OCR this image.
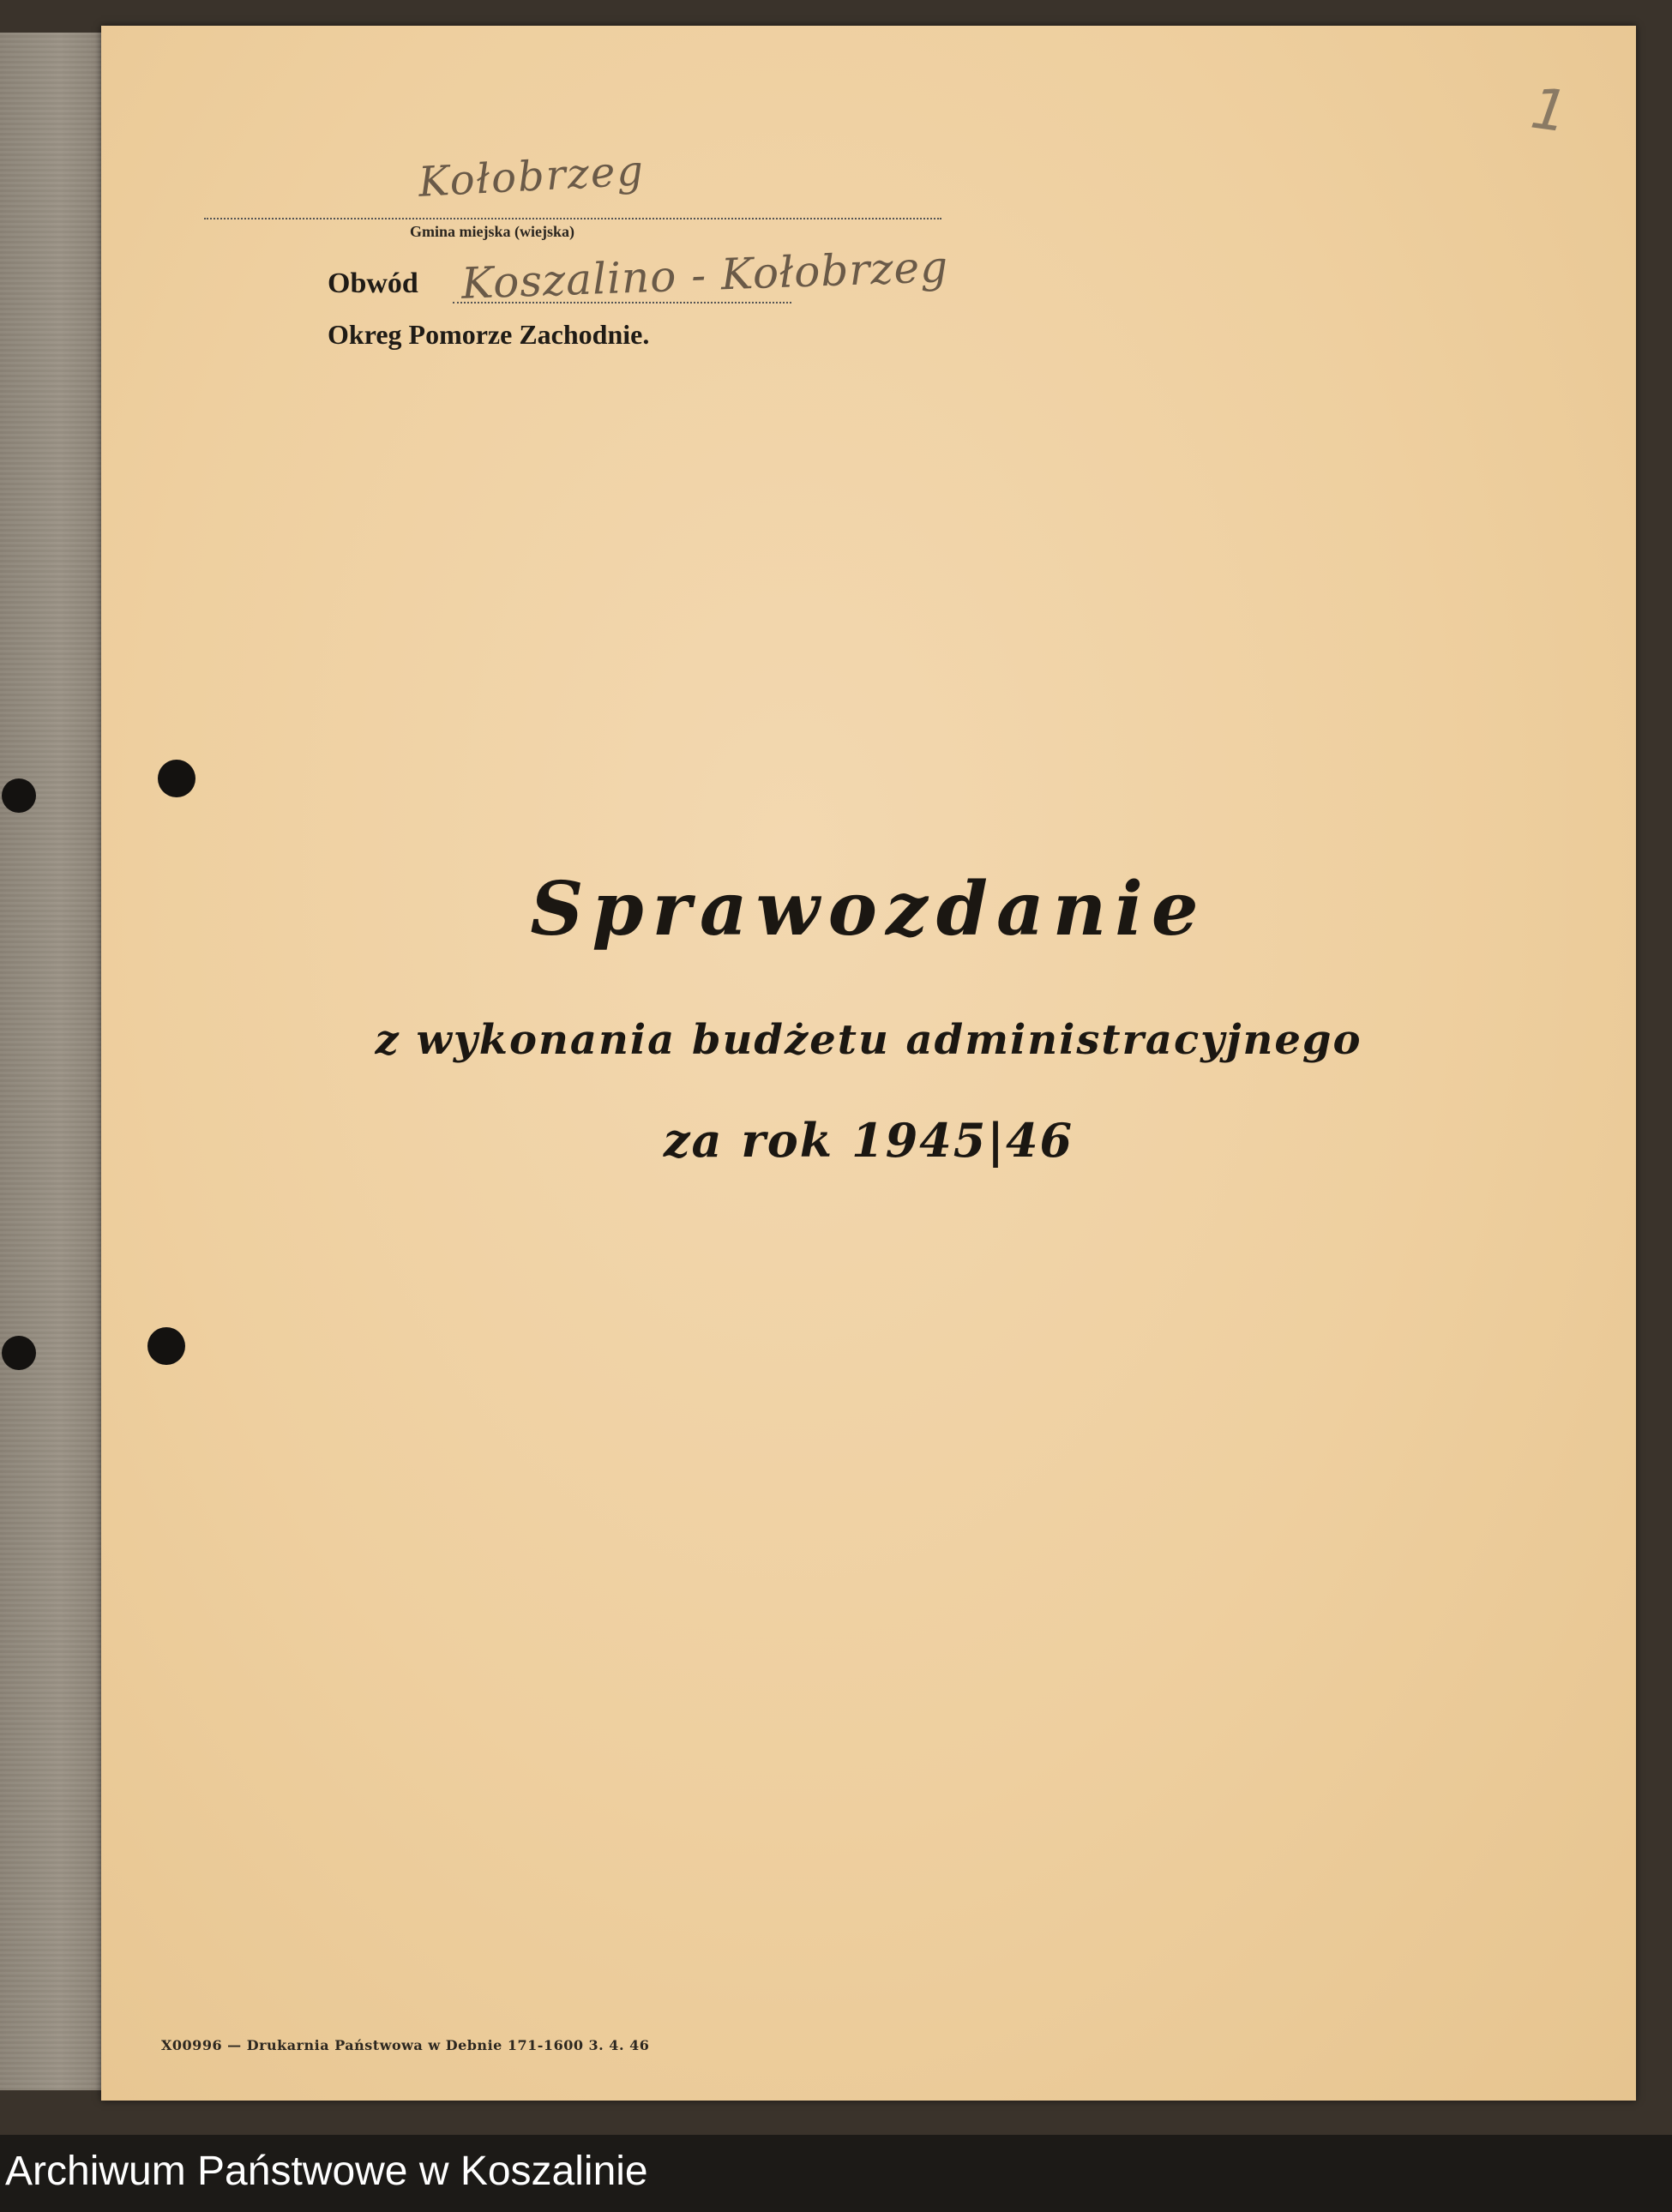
1
Kołobrzeg
Gmina miejska (wiejska)
Obwód Koszalino - Kołobrzeg
Okreg Pomorze Zachodnie.
Sprawozdanie
z wykonania budżetu administracyjnego
za rok 1945|46
X00996 — Drukarnia Państwowa w Debnie 171-1600 3. 4. 46
Archiwum Państwowe w Koszalinie
